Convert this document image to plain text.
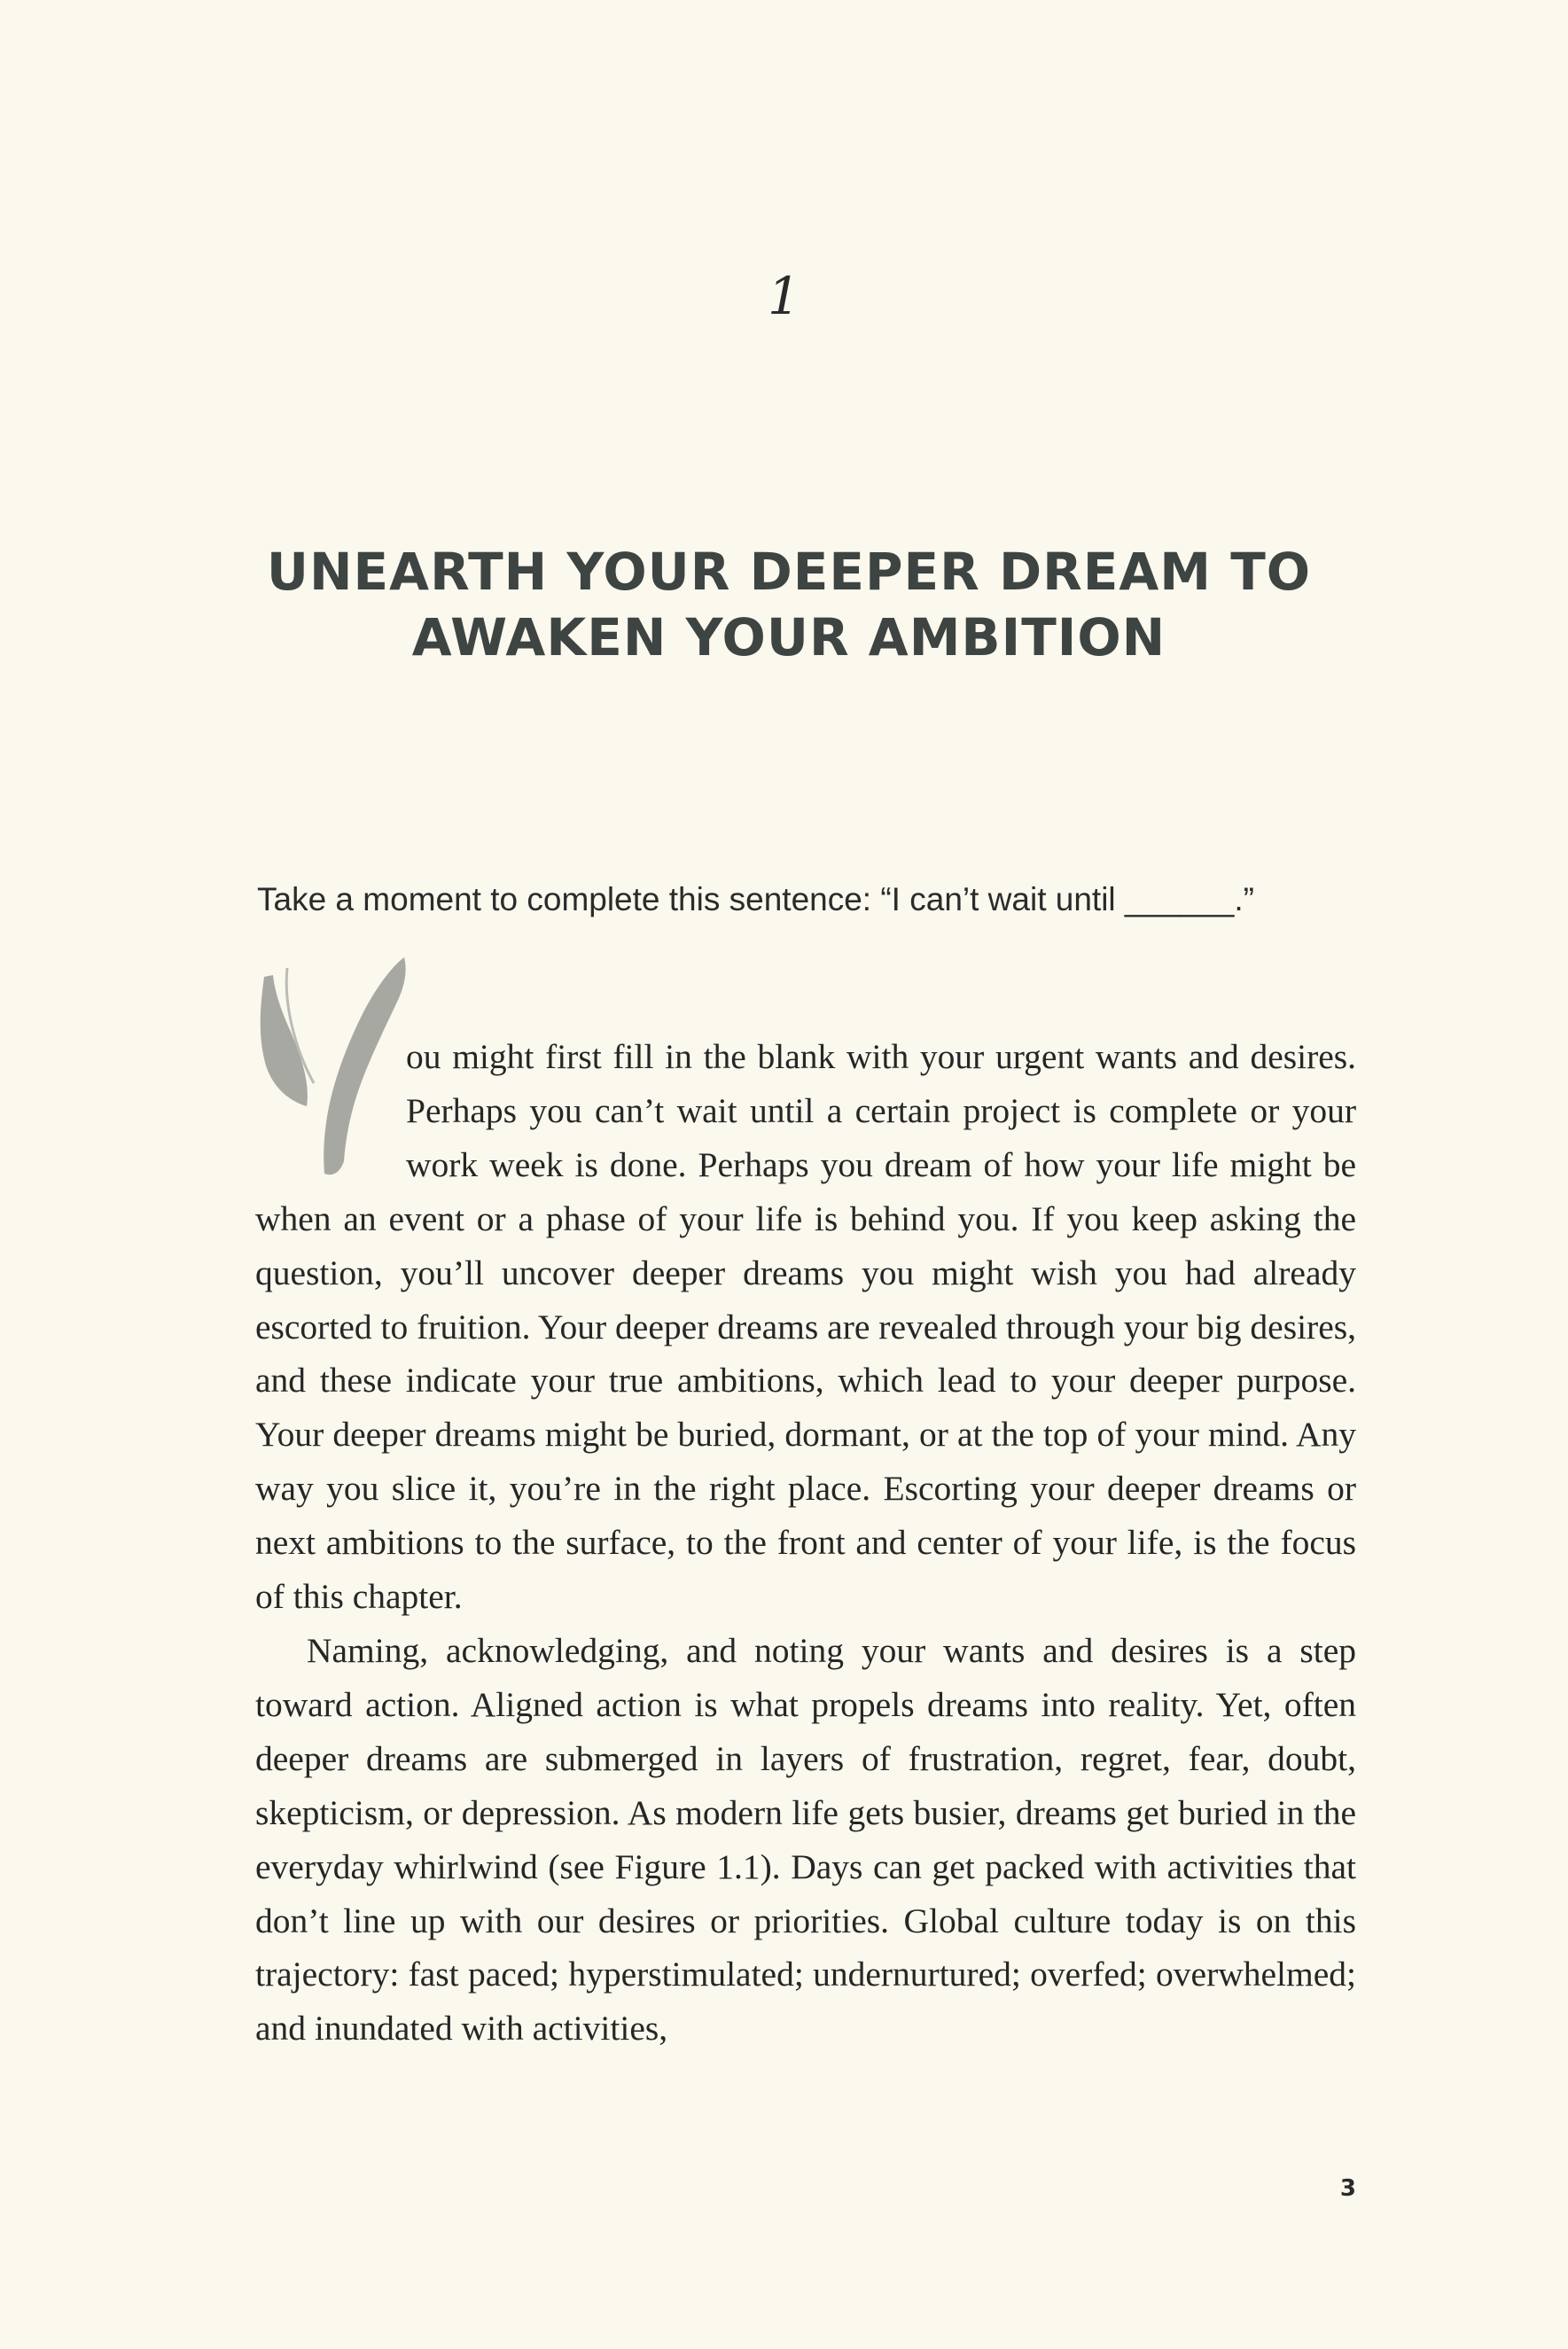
1
UNEARTH YOUR DEEPER DREAM TO
AWAKEN YOUR AMBITION
Take a moment to complete this sentence: “I can’t wait until ______.”

ou might first fill in the blank with your urgent wants and desires. Perhaps you can’t wait until a certain project is complete or your work week is done. Perhaps you dream of how your life might be when an event or a phase of your life is behind you. If you keep asking the question, you’ll uncover deeper dreams you might wish you had already escorted to fruition. Your deeper dreams are revealed through your big desires, and these indicate your true ambitions, which lead to your deeper purpose. Your deeper dreams might be buried, dormant, or at the top of your mind. Any way you slice it, you’re in the right place. Escorting your deeper dreams or next ambitions to the surface, to the front and center of your life, is the focus of this chapter.

Naming, acknowledging, and noting your wants and desires is a step toward action. Aligned action is what propels dreams into reality. Yet, often deeper dreams are submerged in layers of frustration, regret, fear, doubt, skepticism, or depression. As modern life gets busier, dreams get buried in the everyday whirlwind (see Figure 1.1). Days can get packed with activities that don’t line up with our desires or priorities. Global culture today is on this trajectory: fast paced; hyperstimulated; undernurtured; overfed; overwhelmed; and inundated with activities,

3
